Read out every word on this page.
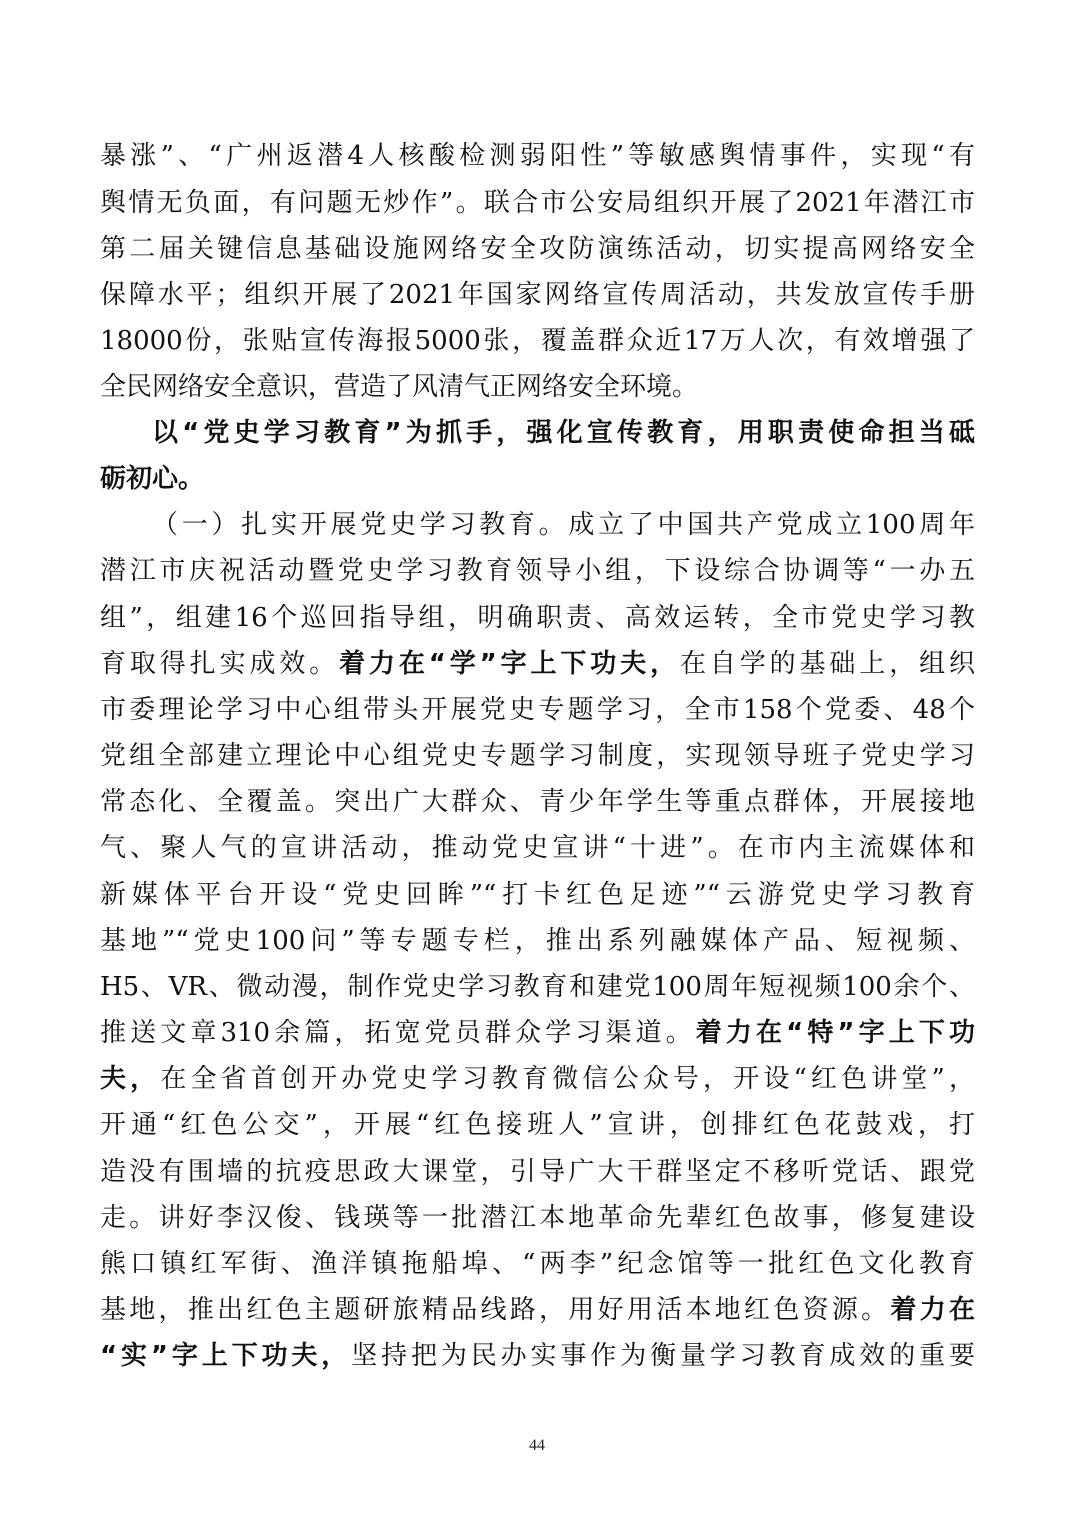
暴涨”、“广州返潜4人核酸检测弱阳性”等敏感舆情事件，实现“有
舆情无负面，有问题无炒作”。联合市公安局组织开展了2021年潜江市
第二届关键信息基础设施网络安全攻防演练活动，切实提高网络安全
保障水平；组织开展了2021年国家网络宣传周活动，共发放宣传手册
18000份，张贴宣传海报5000张，覆盖群众近17万人次，有效增强了
全民网络安全意识，营造了风清气正网络安全环境。
以“党史学习教育”为抓手，强化宣传教育，用职责使命担当砥
砺初心。
（一）扎实开展党史学习教育。成立了中国共产党成立100周年
潜江市庆祝活动暨党史学习教育领导小组，下设综合协调等“一办五
组”，组建16个巡回指导组，明确职责、高效运转，全市党史学习教
育取得扎实成效。着力在“学”字上下功夫，在自学的基础上，组织
市委理论学习中心组带头开展党史专题学习，全市158个党委、48个
党组全部建立理论中心组党史专题学习制度，实现领导班子党史学习
常态化、全覆盖。突出广大群众、青少年学生等重点群体，开展接地
气、聚人气的宣讲活动，推动党史宣讲“十进”。在市内主流媒体和
新媒体平台开设“党史回眸”“打卡红色足迹”“云游党史学习教育
基地”“党史100问”等专题专栏，推出系列融媒体产品、短视频、
H5、VR、微动漫，制作党史学习教育和建党100周年短视频100余个、
推送文章310余篇，拓宽党员群众学习渠道。着力在“特”字上下功
夫，在全省首创开办党史学习教育微信公众号，开设“红色讲堂”，
开通“红色公交”，开展“红色接班人”宣讲，创排红色花鼓戏，打
造没有围墙的抗疫思政大课堂，引导广大干群坚定不移听党话、跟党
走。讲好李汉俊、钱瑛等一批潜江本地革命先辈红色故事，修复建设
熊口镇红军街、渔洋镇拖船埠、“两李”纪念馆等一批红色文化教育
基地，推出红色主题研旅精品线路，用好用活本地红色资源。着力在
“实”字上下功夫，坚持把为民办实事作为衡量学习教育成效的重要
44
